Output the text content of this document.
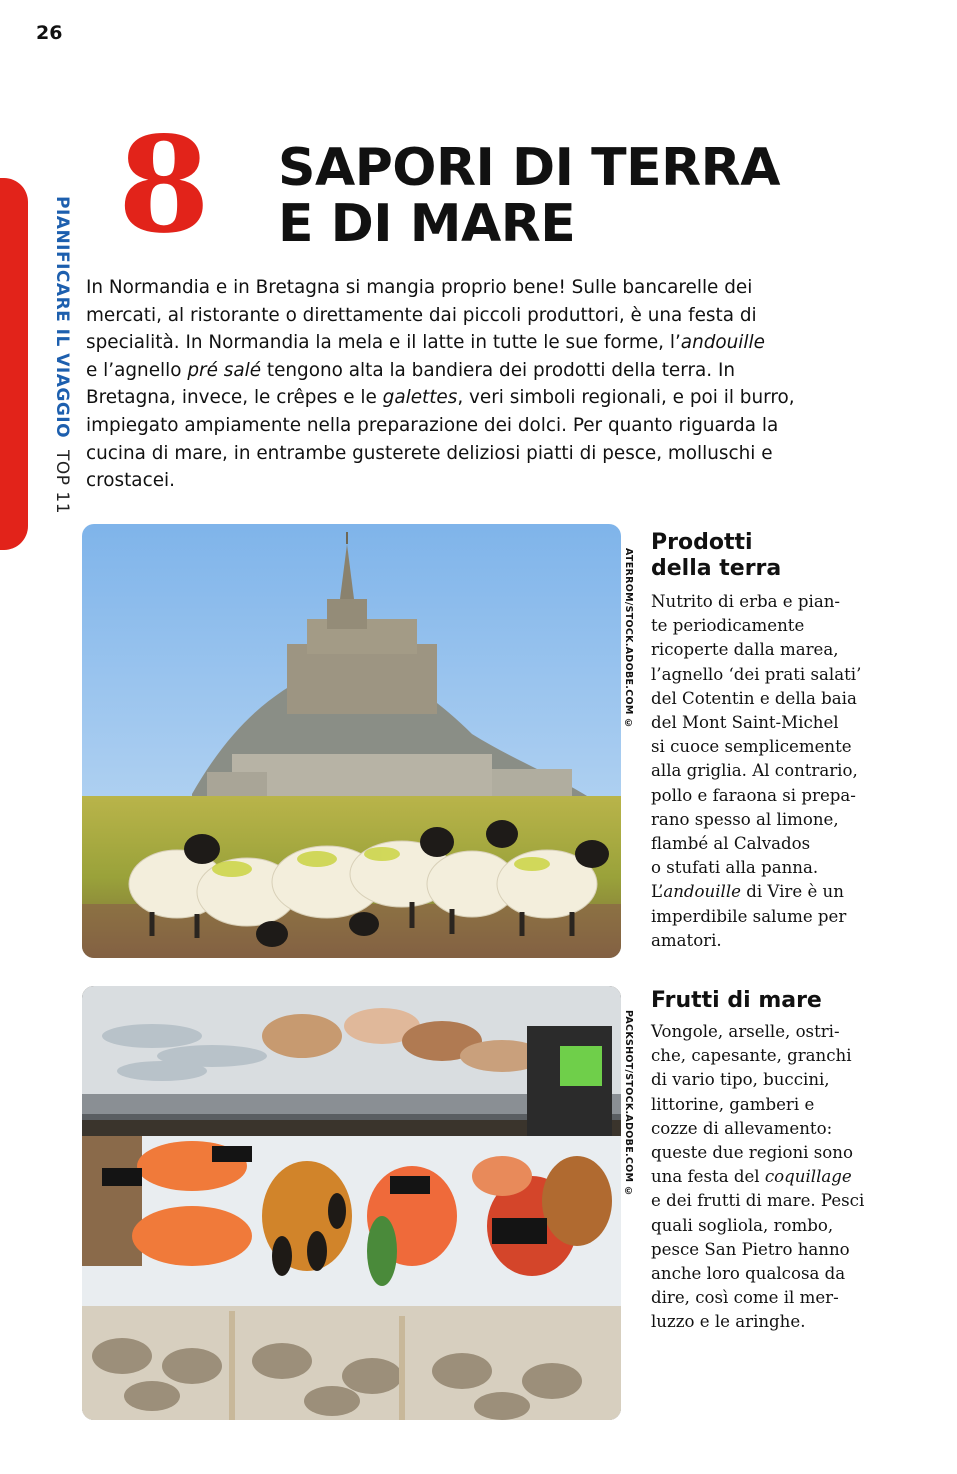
26
PIANIFICARE IL VIAGGIO TOP 11
8 SAPORI DI TERRA
E DI MARE

In Normandia e in Bretagna si mangia proprio bene! Sulle bancarelle dei
mercati, al ristorante o direttamente dai piccoli produttori, è una festa di
specialità. In Normandia la mela e il latte in tutte le sue forme, l’andouille
e l’agnello pré salé tengono alta la bandiera dei prodotti della terra. In
Bretagna, invece, le crêpes e le galettes, veri simboli regionali, e poi il burro,
impiegato ampiamente nella preparazione dei dolci. Per quanto riguarda la
cucina di mare, in entrambe gusterete deliziosi piatti di pesce, molluschi e
crostacei.

ATERROM/STOCK.ADOBE.COM ©
Prodotti
della terra

Nutrito di erba e pian-
te periodicamente
ricoperte dalla marea,
l’agnello ‘dei prati salati’
del Cotentin e della baia
del Mont Saint-Michel
si cuoce semplicemente
alla griglia. Al contrario,
pollo e faraona si prepa-
rano spesso al limone,
flambé al Calvados
o stufati alla panna.
L’andouille di Vire è un
imperdibile salume per
amatori.

PACKSHOT/STOCK.ADOBE.COM ©
Frutti di mare

Vongole, arselle, ostri-
che, capesante, granchi
di vario tipo, buccini,
littorine, gamberi e
cozze di allevamento:
queste due regioni sono
una festa del coquillage
e dei frutti di mare. Pesci
quali sogliola, rombo,
pesce San Pietro hanno
anche loro qualcosa da
dire, così come il mer-
luzzo e le aringhe.
